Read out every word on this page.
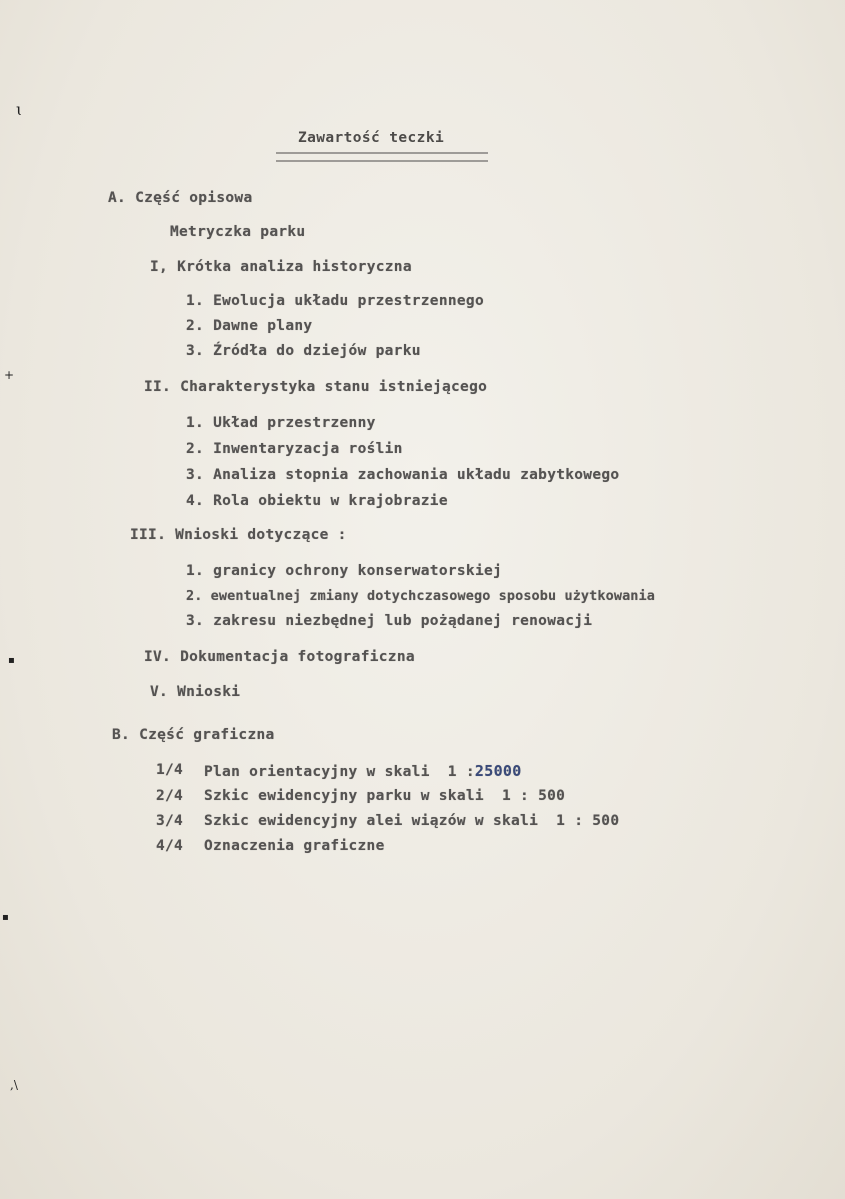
ɩ
+
▪
▪
,\
Zawartość teczki
A. Część opisowa
Metryczka parku
I, Krótka analiza historyczna
1. Ewolucja układu przestrzennego
2. Dawne plany
3. Źródła do dziejów parku
II. Charakterystyka stanu istniejącego
1. Układ przestrzenny
2. Inwentaryzacja roślin
3. Analiza stopnia zachowania układu zabytkowego
4. Rola obiektu w krajobrazie
III. Wnioski dotyczące :
1. granicy ochrony konserwatorskiej
2. ewentualnej zmiany dotychczasowego sposobu użytkowania
3. zakresu niezbędnej lub pożądanej renowacji
IV. Dokumentacja fotograficzna
V. Wnioski
B. Część graficzna
1/4 Plan orientacyjny w skali  1 :25000
2/4 Szkic ewidencyjny parku w skali  1 : 500
3/4 Szkic ewidencyjny alei wiązów w skali  1 : 500
4/4 Oznaczenia graficzne
